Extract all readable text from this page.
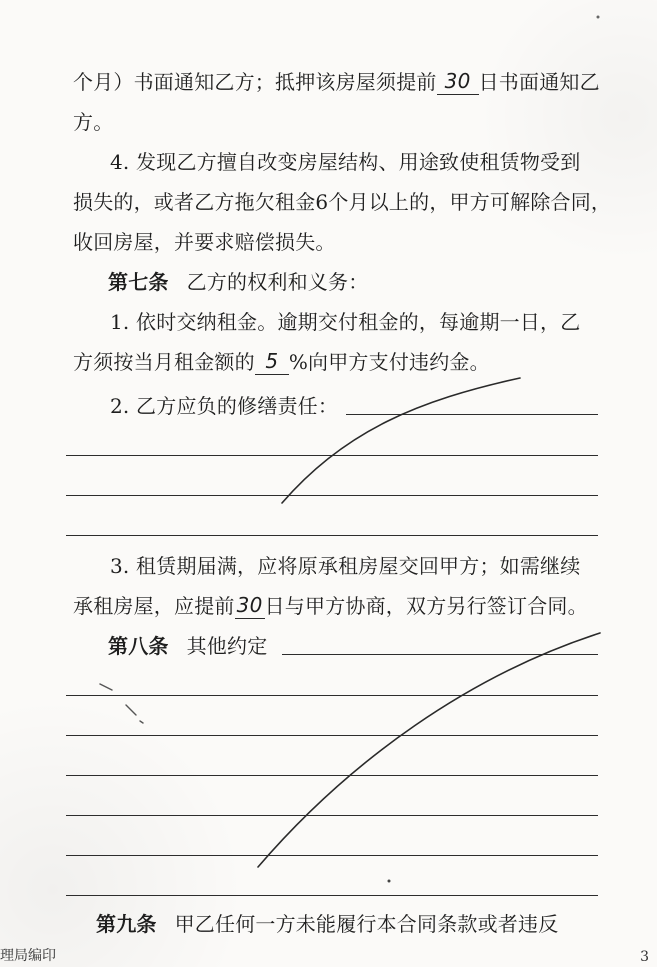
个月）书面通知乙方；抵押该房屋须提前 30 日书面通知乙
方。
4. 发现乙方擅自改变房屋结构、用途致使租赁物受到
损失的，或者乙方拖欠租金6个月以上的，甲方可解除合同，
收回房屋，并要求赔偿损失。
第七条 乙方的权利和义务：
1. 依时交纳租金。逾期交付租金的，每逾期一日，乙
方须按当月租金额的 5 %向甲方支付违约金。
2. 乙方应负的修缮责任：
3. 租赁期届满，应将原承租房屋交回甲方；如需继续
承租房屋，应提前 30 日与甲方协商，双方另行签订合同。
第八条 其他约定
第九条 甲乙任何一方未能履行本合同条款或者违反
理局编印	3
